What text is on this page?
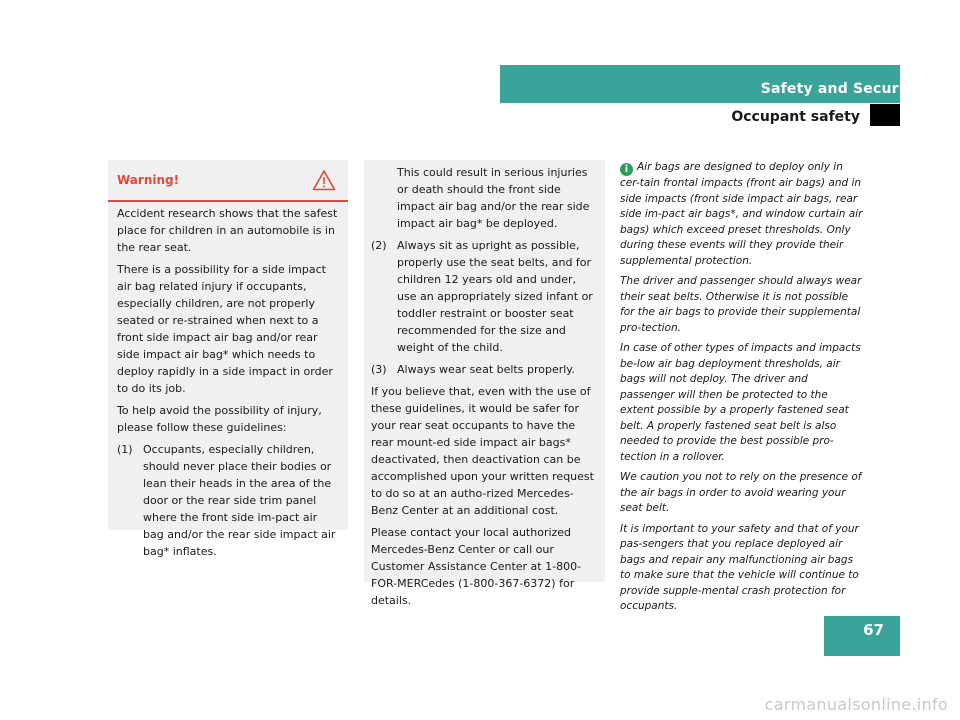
Safety and Security
Occupant safety
Warning!

Accident research shows that the safest place for children in an automobile is in the rear seat.

There is a possibility for a side impact air bag related injury if occupants, especially children, are not properly seated or re-strained when next to a front side impact air bag and/or rear side impact air bag* which needs to deploy rapidly in a side impact in order to do its job.

To help avoid the possibility of injury, please follow these guidelines:

(1) Occupants, especially children, should never place their bodies or lean their heads in the area of the door or the rear side trim panel where the front side im-pact air bag and/or the rear side impact air bag* inflates.
This could result in serious injuries or death should the front side impact air bag and/or the rear side impact air bag* be deployed.
(2) Always sit as upright as possible, properly use the seat belts, and for children 12 years old and under, use an appropriately sized infant or toddler restraint or booster seat recommended for the size and weight of the child.
(3) Always wear seat belts properly.

If you believe that, even with the use of these guidelines, it would be safer for your rear seat occupants to have the rear mount-ed side impact air bags* deactivated, then deactivation can be accomplished upon your written request to do so at an autho-rized Mercedes-Benz Center at an additional cost.

Please contact your local authorized Mercedes-Benz Center or call our Customer Assistance Center at 1-800-FOR-MERCedes (1-800-367-6372) for details.

i Air bags are designed to deploy only in cer-tain frontal impacts (front air bags) and in side impacts (front side impact air bags, rear side im-pact air bags*, and window curtain air bags) which exceed preset thresholds. Only during these events will they provide their supplemental protection.

The driver and passenger should always wear their seat belts. Otherwise it is not possible for the air bags to provide their supplemental pro-tection.

In case of other types of impacts and impacts be-low air bag deployment thresholds, air bags will not deploy. The driver and passenger will then be protected to the extent possible by a properly fastened seat belt. A properly fastened seat belt is also needed to provide the best possible pro-tection in a rollover.

We caution you not to rely on the presence of the air bags in order to avoid wearing your seat belt.

It is important to your safety and that of your pas-sengers that you replace deployed air bags and repair any malfunctioning air bags to make sure that the vehicle will continue to provide supple-mental crash protection for occupants.

67
carmanualsonline.info
